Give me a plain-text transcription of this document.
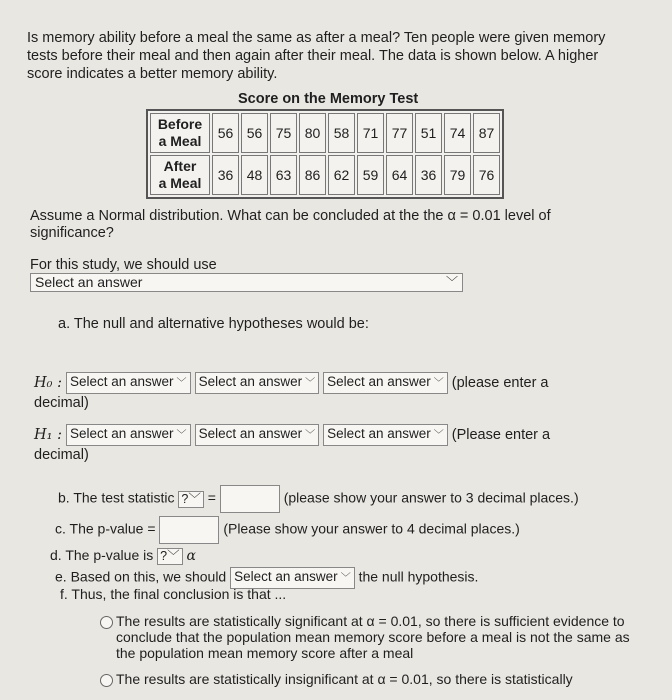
Is memory ability before a meal the same as after a meal? Ten people were given memory tests before their meal and then again after their meal. The data is shown below. A higher score indicates a better memory ability.
Score on the Memory Test
Before
a Meal	56	56	75	80	58	71	77	51	74	87
After
a Meal	36	48	63	86	62	59	64	36	79	76
Assume a Normal distribution. What can be concluded at the the α = 0.01 level of significance?
For this study, we should use
Select an answer	﹀
a. The null and alternative hypotheses would be:
H₀ : Select an answer ﹀ Select an answer ﹀ Select an answer ﹀ (please enter a
decimal)
H₁ : Select an answer ﹀ Select an answer ﹀ Select an answer ﹀ (Please enter a
decimal)
b. The test statistic ?﹀ =	(please show your answer to 3 decimal places.)
c. The p-value =	(Please show your answer to 4 decimal places.)
d. The p-value is ?﹀ α
e. Based on this, we should Select an answer ﹀ the null hypothesis.
f. Thus, the final conclusion is that ...
The results are statistically significant at α = 0.01, so there is sufficient evidence to conclude that the population mean memory score before a meal is not the same as the population mean memory score after a meal
The results are statistically insignificant at α = 0.01, so there is statistically
